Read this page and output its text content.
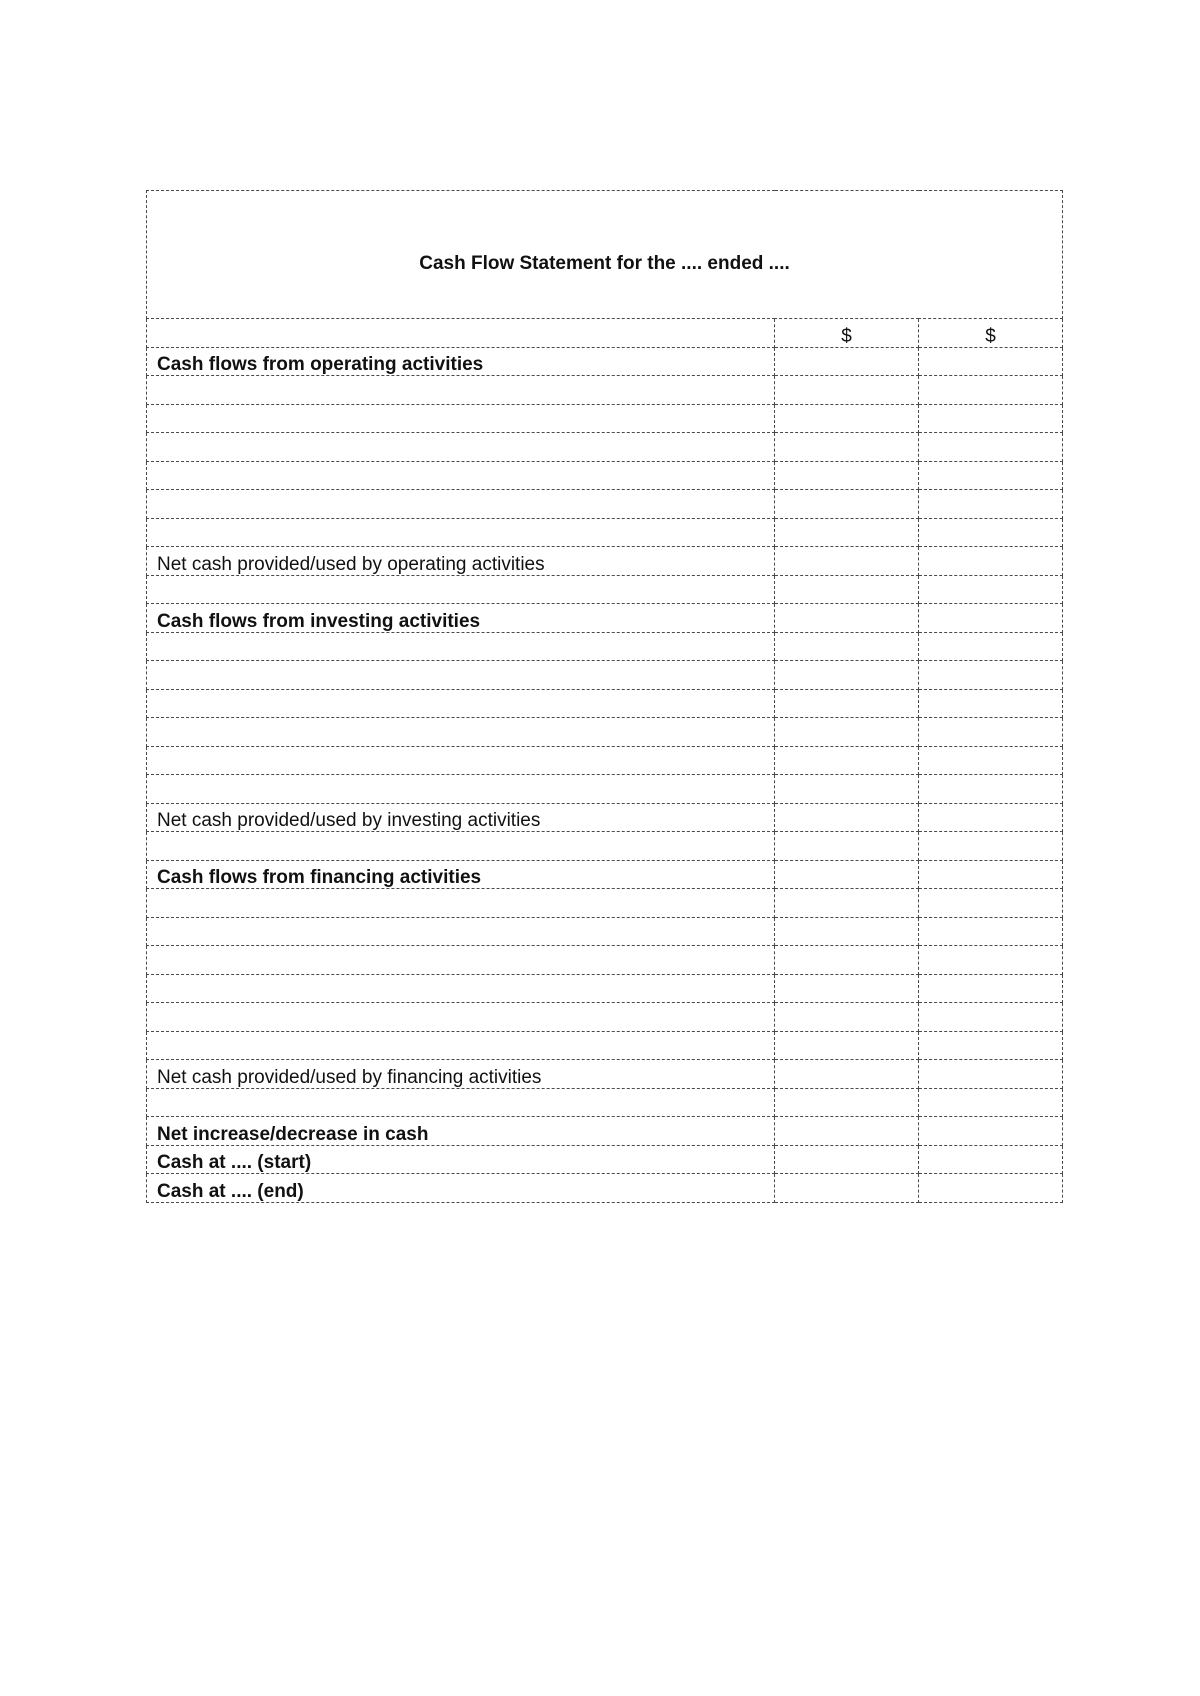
Cash Flow Statement for the .... ended ....		
	$	$
Cash flows from operating activities		

Net cash provided/used by operating activities		

Cash flows from investing activities		

Net cash provided/used by investing activities		

Cash flows from financing activities		

Net cash provided/used by financing activities		

Net increase/decrease in cash		
Cash at .... (start)		
Cash at .... (end)		
